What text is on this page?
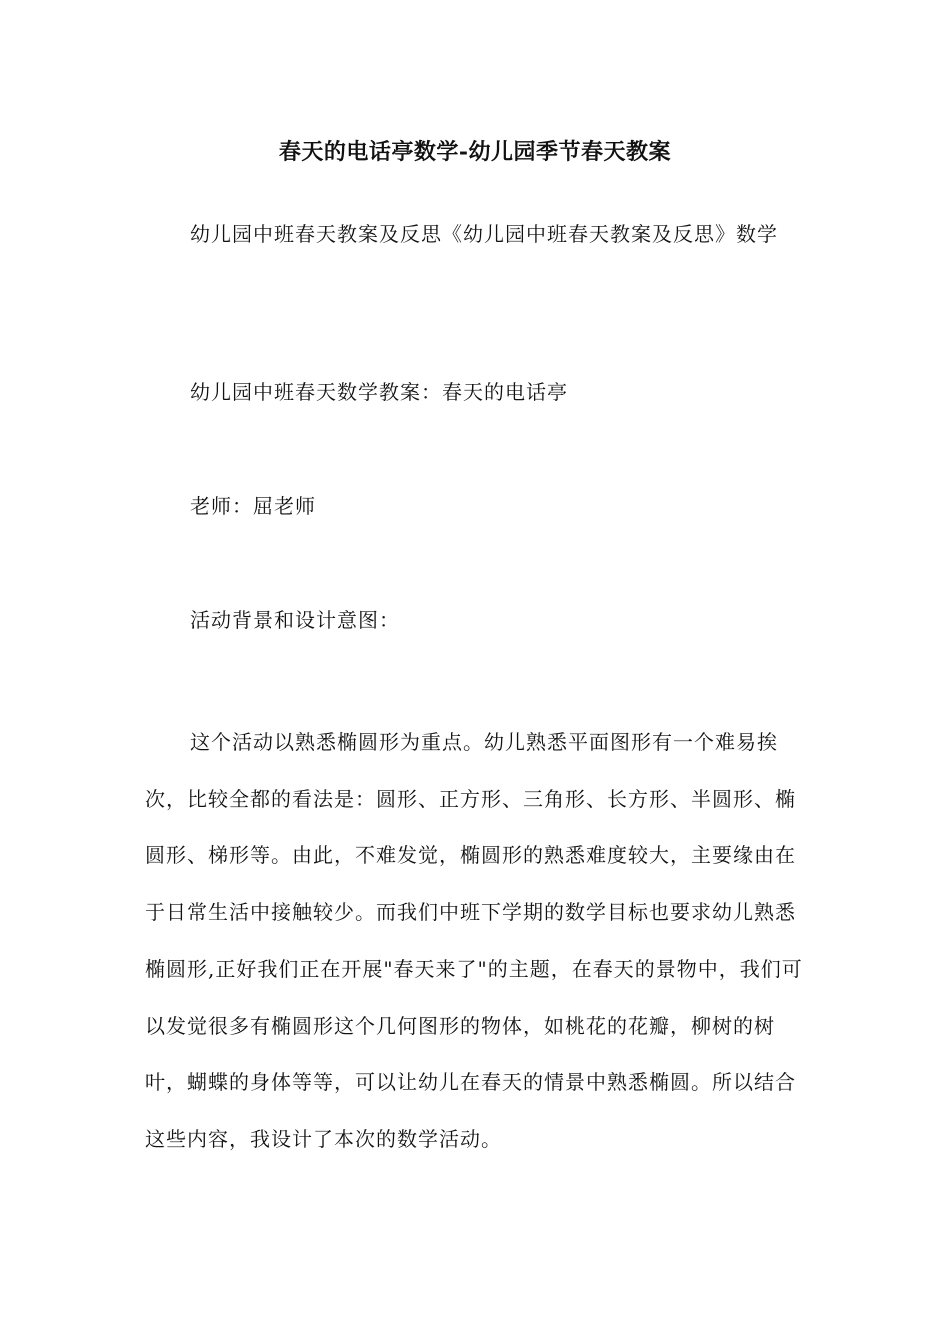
春天的电话亭数学-幼儿园季节春天教案
幼儿园中班春天教案及反思《幼儿园中班春天教案及反思》数学
幼儿园中班春天数学教案：春天的电话亭
老师：屈老师
活动背景和设计意图：
这个活动以熟悉椭圆形为重点。幼儿熟悉平面图形有一个难易挨次，比较全都的看法是：圆形、正方形、三角形、长方形、半圆形、椭圆形、梯形等。由此，不难发觉，椭圆形的熟悉难度较大，主要缘由在于日常生活中接触较少。而我们中班下学期的数学目标也要求幼儿熟悉椭圆形,正好我们正在开展"春天来了"的主题，在春天的景物中，我们可以发觉很多有椭圆形这个几何图形的物体，如桃花的花瓣，柳树的树叶，蝴蝶的身体等等，可以让幼儿在春天的情景中熟悉椭圆。所以结合这些内容，我设计了本次的数学活动。
